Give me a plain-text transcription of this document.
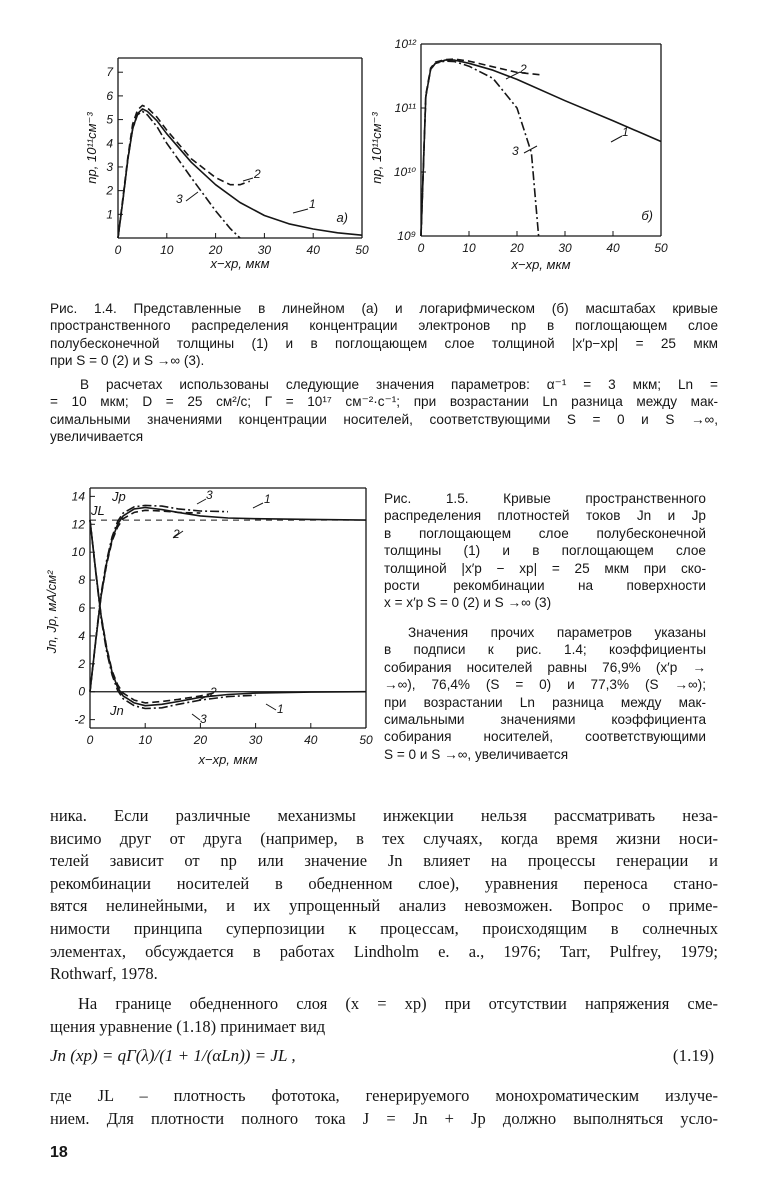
0	10	20	30	40	50
1
2
3
4
5
6
7
1
2
3
x−xp, мкм
np, 10¹¹см⁻³
а)
0	10	20	30	40	50
10⁹
10¹⁰
10¹¹
10¹²
1
2
3
x−xp, мкм
np, 10¹¹см⁻³
б)
Рис. 1.4. Представленные в линейном (а) и логарифмическом (б) масштабах кривые
пространственного распределения концентрации электронов np в поглощающем слое
полубесконечной толщины (1) и в поглощающем слое толщиной |x′p−xp| = 25 мкм
при S = 0 (2) и S →∞ (3).
В расчетах использованы следующие значения параметров: α⁻¹ = 3 мкм; Ln =
= 10 мкм; D = 25 см²/с; Г = 10¹⁷ см⁻²·с⁻¹; при возрастании Ln разница между мак-
симальными значениями концентрации носителей, соответствующими S = 0 и S →∞,
увеличивается
0	10	20	30	40	50
14
12
10
8
6
4
2
0
-2
1
3
2
1
2
3
x−xp, мкм
Jn, Jp, мА/см²
Jp
JL
Jn
Рис. 1.5. Кривые пространственного
распределения плотностей токов Jn и Jp
в поглощающем слое полубесконечной
толщины (1) и в поглощающем слое
толщиной |x′p − xp| = 25 мкм при ско-
рости рекомбинации на поверхности
x = x′p S = 0 (2) и S →∞ (3)
Значения прочих параметров указаны
в подписи к рис. 1.4; коэффициенты
собирания носителей равны 76,9% (x′p →
→∞), 76,4% (S = 0) и 77,3% (S →∞);
при возрастании Ln разница между мак-
симальными значениями коэффициента
собирания носителей, соответствующими
S = 0 и S →∞, увеличивается
ника. Если различные механизмы инжекции нельзя рассматривать неза-
висимо друг от друга (например, в тех случаях, когда время жизни носи-
телей зависит от np или значение Jn влияет на процессы генерации и
рекомбинации носителей в обедненном слое), уравнения переноса стано-
вятся нелинейными, и их упрощенный анализ невозможен. Вопрос о приме-
нимости принципа суперпозиции к процессам, происходящим в солнечных
элементах, обсуждается в работах Lindholm e. a., 1976; Tarr, Pulfrey, 1979;
Rothwarf, 1978.
На границе обедненного слоя (x = xp) при отсутствии напряжения сме-
щения уравнение (1.18) принимает вид
Jn (xp) = qГ(λ)/(1 + 1/(αLn)) = JL ,	(1.19)
где JL – плотность фототока, генерируемого монохроматическим излуче-
нием. Для плотности полного тока J = Jn + Jp должно выполняться усло-
18
